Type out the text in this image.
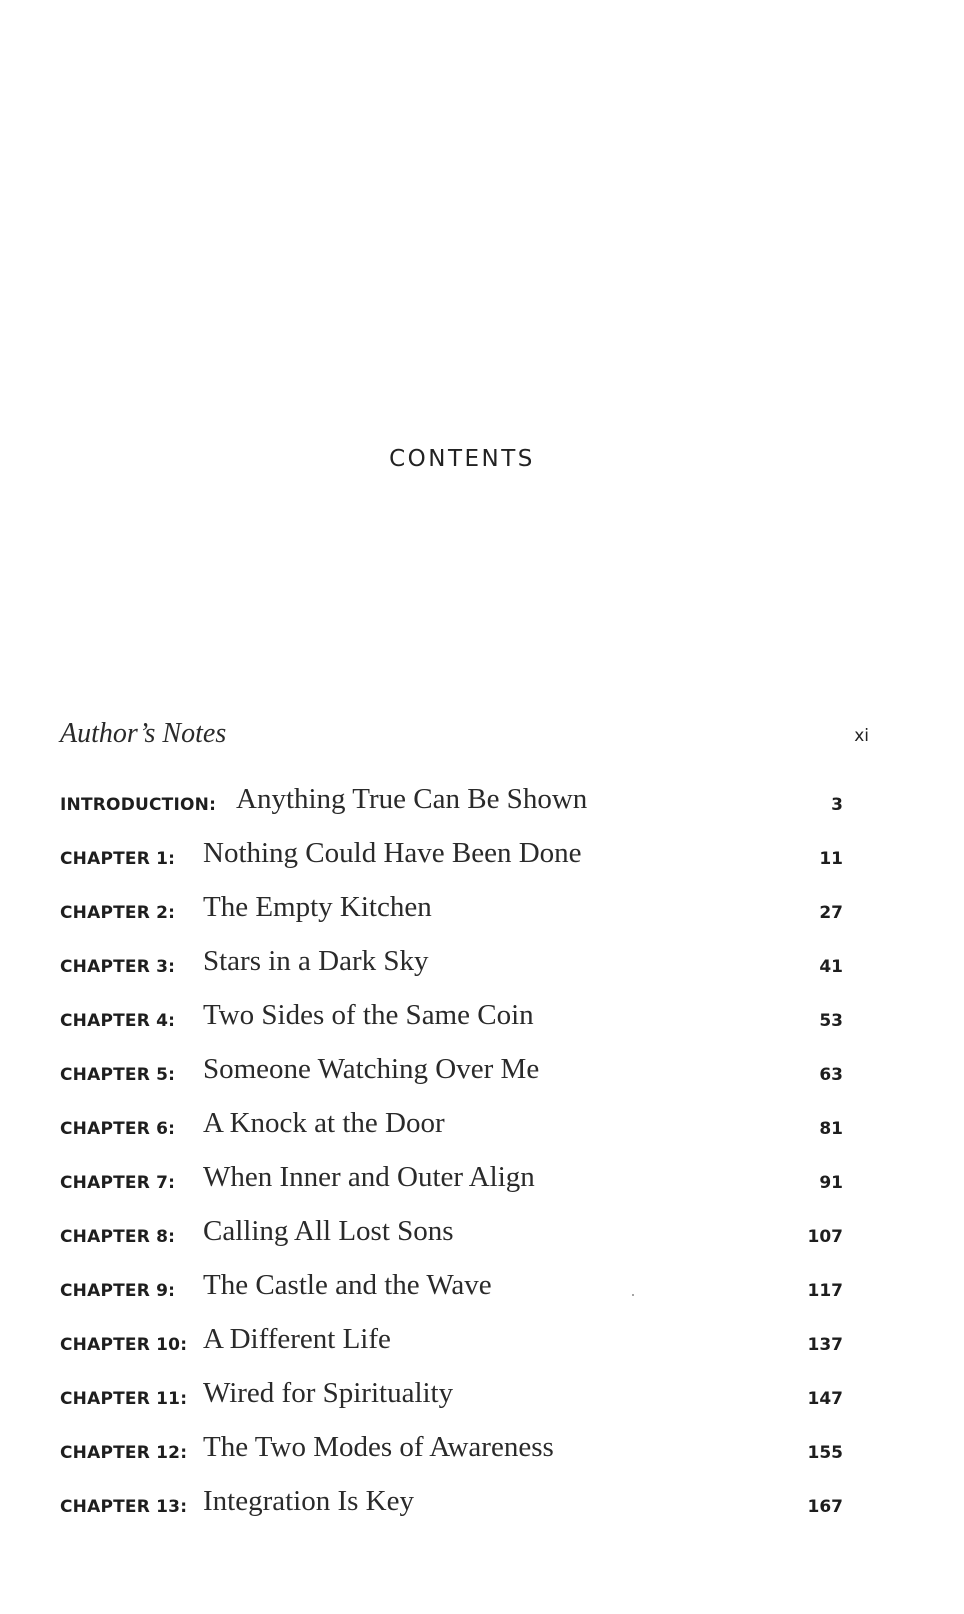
CONTENTS
Author’s Notes	xi
INTRODUCTION: Anything True Can Be Shown	3
CHAPTER 1: Nothing Could Have Been Done	11
CHAPTER 2: The Empty Kitchen	27
CHAPTER 3: Stars in a Dark Sky	41
CHAPTER 4: Two Sides of the Same Coin	53
CHAPTER 5: Someone Watching Over Me	63
CHAPTER 6: A Knock at the Door	81
CHAPTER 7: When Inner and Outer Align	91
CHAPTER 8: Calling All Lost Sons	107
CHAPTER 9: The Castle and the Wave	117
CHAPTER 10: A Different Life	137
CHAPTER 11: Wired for Spirituality	147
CHAPTER 12: The Two Modes of Awareness	155
CHAPTER 13: Integration Is Key	167
